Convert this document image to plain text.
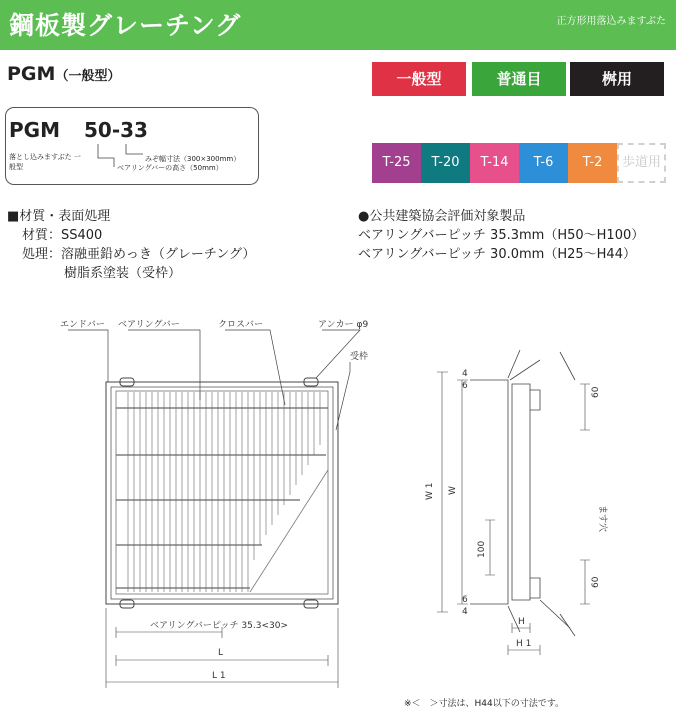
鋼板製グレーチング	正方形用落込みますぶた
PGM（一般型）	一般型	普通目	桝用
PGM 50-33
落とし込みますぶた 一般型
みぞ幅寸法（300×300mm）
ベアリングバーの高さ（50mm）	T-25	T-20	T-14	T-6	T-2	歩道用
■材質・表面処理
材質：SS400
処理：溶融亜鉛めっき（グレーチング）
樹脂系塗装（受枠）
●公共建築協会評価対象製品
ベアリングバーピッチ 35.3mm（H50〜H100）
ベアリングバーピッチ 30.0mm（H25〜H44）
エンドバー ベアリングバー	クロスバー	アンカー φ9
受枠
ベアリングバーピッチ 35.3<30>
L
L 1
W 1 W
ます穴
100
60
60
4
6
6
4
H
H 1
※＜　＞寸法は、H44以下の寸法です。
